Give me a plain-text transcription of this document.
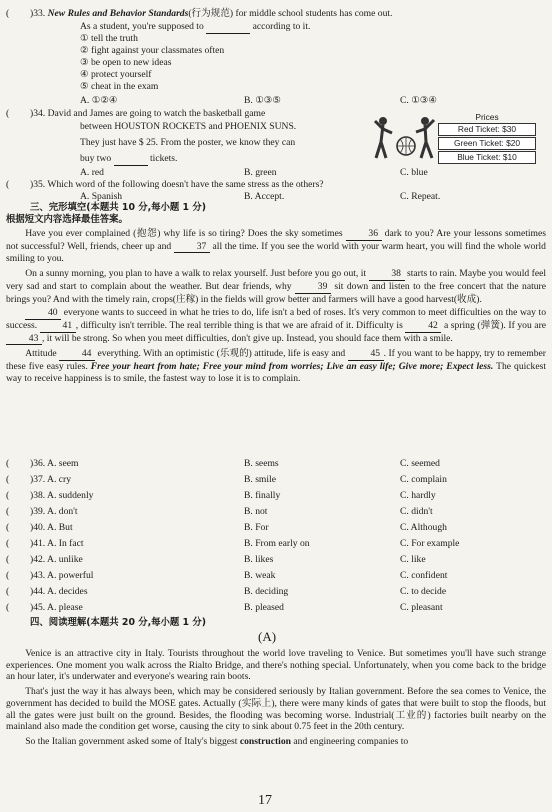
( )33. New Rules and Behavior Standards(行为规范) for middle school students has come out.
As a student, you're supposed to	according to it.
① tell the truth
② fight against your classmates often
③ be open to new ideas
④ protect yourself
⑤ cheat in the exam
A. ①②④	B. ①③⑤	C. ①③④
( )34. David and James are going to watch the basketball game
between HOUSTON ROCKETS and PHOENIX SUNS.
They just have $ 25. From the poster, we know they can
buy two	tickets.
A. red	B. green	C. blue
Prices
Red Ticket: $30
Green Ticket: $20
Blue Ticket: $10
( )35. Which word of the following doesn't have the same stress as the others?
A. Spanish	B. Accept.	C. Repeat.
三、完形填空(本题共 10 分,每小题 1 分)
根据短文内容选择最佳答案。

Have you ever complained (抱怨) why life is so tiring? Does the sky sometimes	36 dark to you? Are your lessons sometimes not successful? Well, friends, cheer up and	37 all the time. If you see the world with your warm heart, you will find the whole world smiling to you.

On a sunny morning, you plan to have a walk to relax yourself. Just before you go out, it	38 starts to rain. Maybe you would feel very sad and start to complain about the weather. But dear friends, why	39 sit down and listen to the free concert that the nature brings you? And with the timely rain, crops(庄稼) in the fields will grow better and farmers will have a good harvest(收成).

40 everyone wants to succeed in what he tries to do, life isn't a bed of roses. It's very common to meet difficulties on the way to success.	41 , difficulty isn't terrible. The real terrible thing is that we are afraid of it. Difficulty is	42 a spring (弹簧). If you are 43 , it will be strong. So when you meet difficulties, don't give up. Instead, you should face them with a smile.

Attitude	44 everything. With an optimistic (乐观的) attitude, life is easy and	45 . If you want to be happy, try to remember these five easy rules. Free your heart from hate; Free your mind from worries; Live an easy life; Give more; Expect less. The quickest way to receive happiness is to smile, the fastest way to lose it is to complain.

( )36. A. seem	B. seems	C. seemed
( )37. A. cry	B. smile	C. complain
( )38. A. suddenly	B. finally	C. hardly
( )39. A. don't	B. not	C. didn't
( )40. A. But	B. For	C. Although
( )41. A. In fact	B. From early on	C. For example
( )42. A. unlike	B. likes	C. like
( )43. A. powerful	B. weak	C. confident
( )44. A. decides	B. deciding	C. to decide
( )45. A. please	B. pleased	C. pleasant
四、阅读理解(本题共 20 分,每小题 1 分)
(A)

Venice is an attractive city in Italy. Tourists throughout the world love traveling to Venice. But sometimes you'll have such strange experiences. One moment you walk across the Rialto Bridge, and there's nothing special. Unfortunately, when you come back to the bridge an hour later, it's underwater and everyone's wearing rain boots.

That's just the way it has always been, which may be considered seriously by Italian government. Before the sea comes to Venice, the government has decided to build the MOSE gates. Actually (实际上), there were many kinds of gates that were built to stop the floods, but all the gates were just built on the ground. Besides, the flooding was becoming worse. Industrial(工业的) factories built nearby on the mainland also made the condition get worse, causing the city to sink about 0.75 feet in the 20th century.

So the Italian government asked some of Italy's biggest construction and engineering companies to

17
